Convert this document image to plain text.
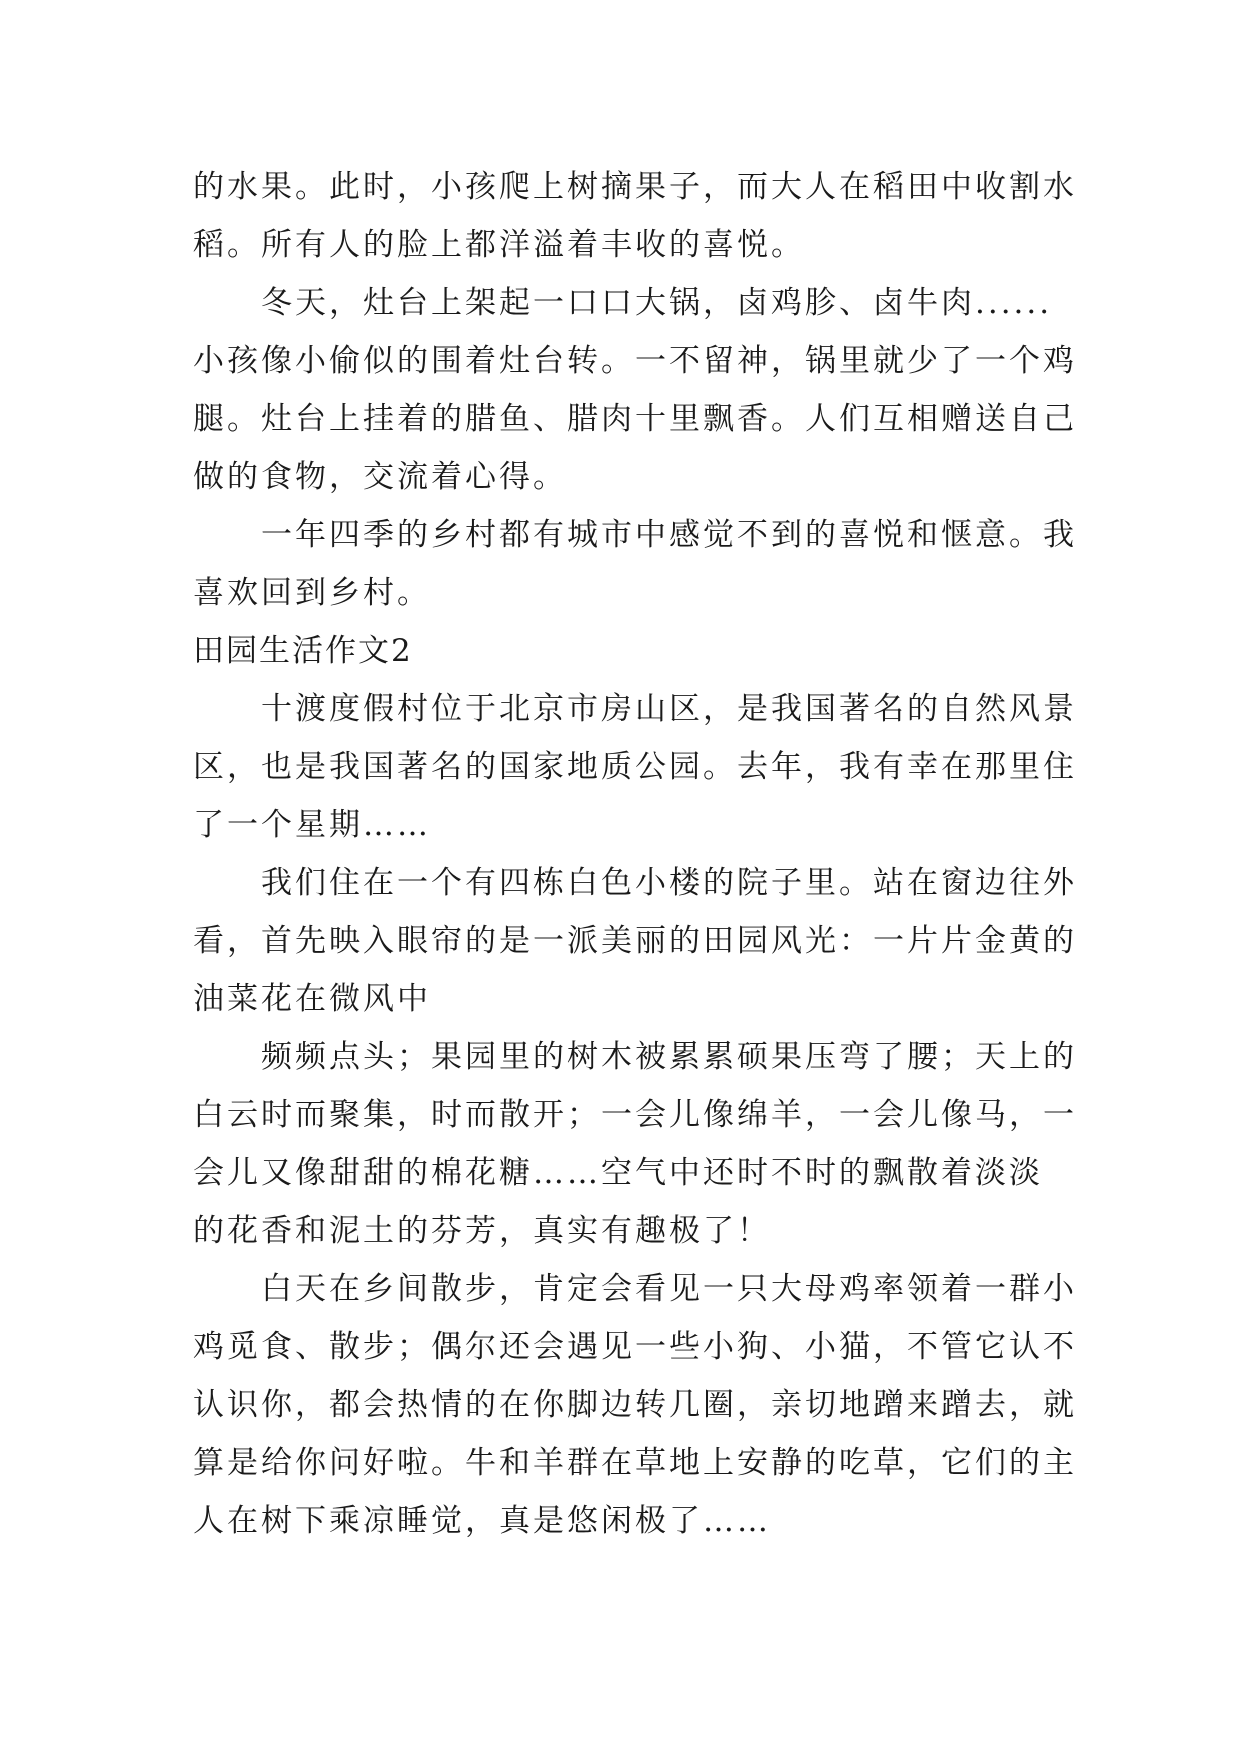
的水果。此时，小孩爬上树摘果子，而大人在稻田中收割水
稻。所有人的脸上都洋溢着丰收的喜悦。
冬天，灶台上架起一口口大锅，卤鸡胗、卤牛肉......
小孩像小偷似的围着灶台转。一不留神，锅里就少了一个鸡
腿。灶台上挂着的腊鱼、腊肉十里飘香。人们互相赠送自己
做的食物，交流着心得。
一年四季的乡村都有城市中感觉不到的喜悦和惬意。我
喜欢回到乡村。
田园生活作文2
十渡度假村位于北京市房山区，是我国著名的自然风景
区，也是我国著名的国家地质公园。去年，我有幸在那里住
了一个星期……
我们住在一个有四栋白色小楼的院子里。站在窗边往外
看，首先映入眼帘的是一派美丽的田园风光：一片片金黄的
油菜花在微风中
频频点头；果园里的树木被累累硕果压弯了腰；天上的
白云时而聚集，时而散开；一会儿像绵羊，一会儿像马，一
会儿又像甜甜的棉花糖……空气中还时不时的飘散着淡淡
的花香和泥土的芬芳，真实有趣极了！
白天在乡间散步，肯定会看见一只大母鸡率领着一群小
鸡觅食、散步；偶尔还会遇见一些小狗、小猫，不管它认不
认识你，都会热情的在你脚边转几圈，亲切地蹭来蹭去，就
算是给你问好啦。牛和羊群在草地上安静的吃草，它们的主
人在树下乘凉睡觉，真是悠闲极了……
